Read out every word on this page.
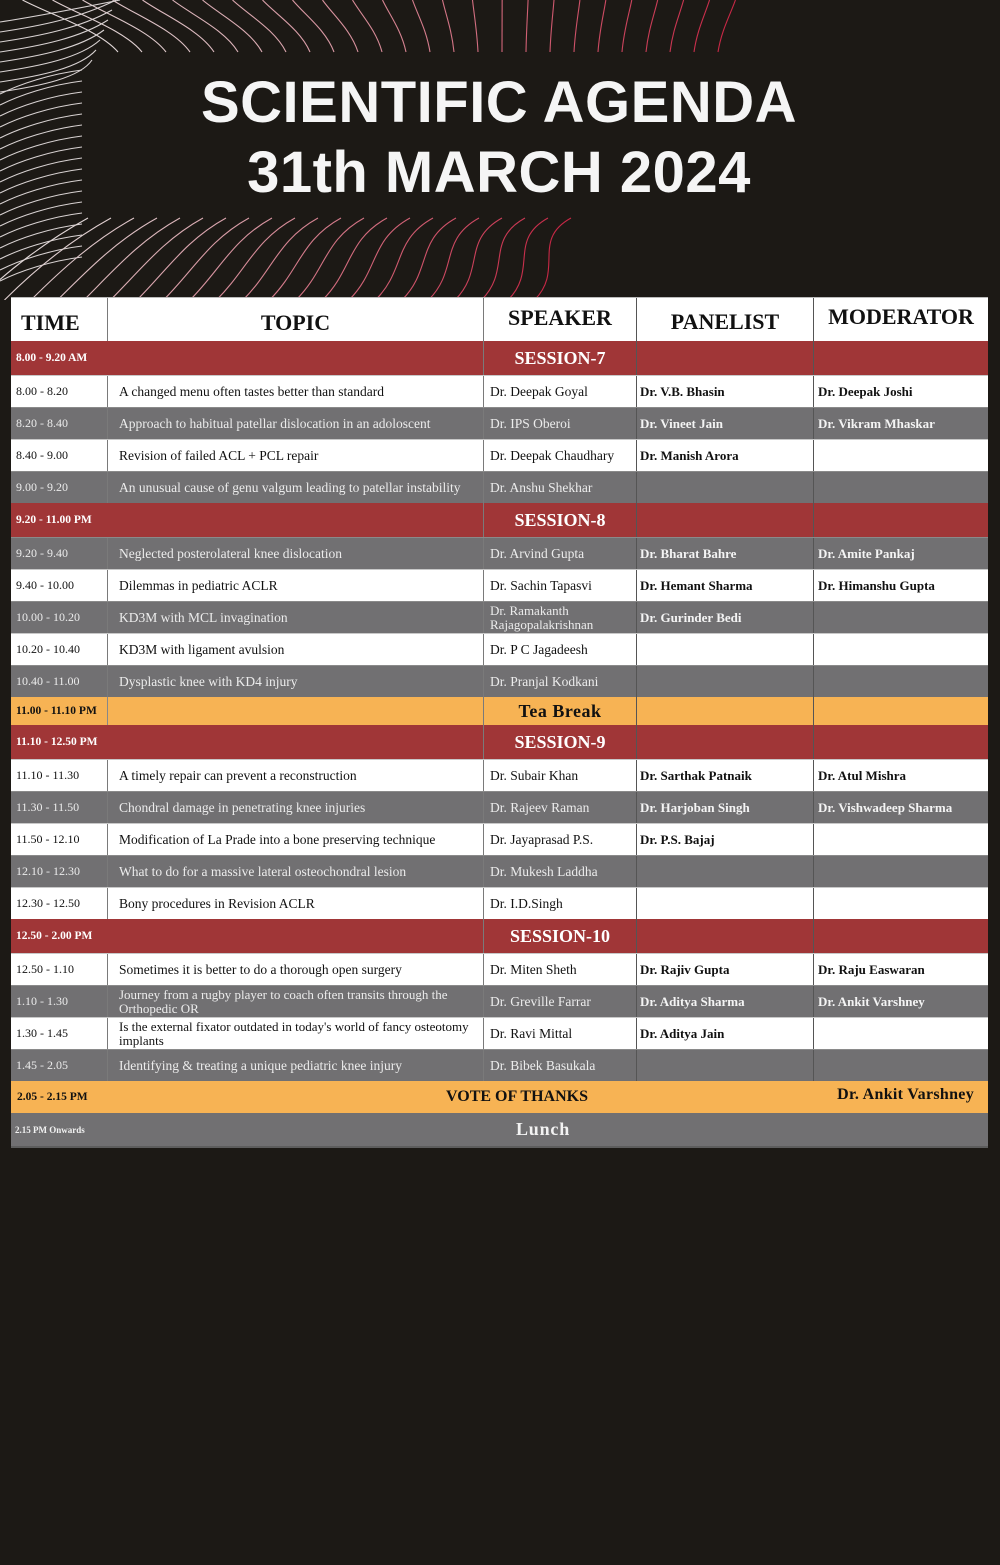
SCIENTIFIC AGENDA
31th MARCH 2024
TIME	TOPIC	SPEAKER	PANELIST	MODERATOR
8.00 - 9.20 AM	SESSION-7
8.00 - 8.20	A changed menu often tastes better than standard	Dr. Deepak Goyal	Dr. V.B. Bhasin	Dr. Deepak Joshi
8.20 - 8.40	Approach to habitual patellar dislocation in an adoloscent	Dr. IPS Oberoi	Dr. Vineet Jain	Dr. Vikram Mhaskar
8.40 - 9.00	Revision of failed ACL + PCL repair	Dr. Deepak Chaudhary	Dr. Manish Arora
9.00 - 9.20	An unusual cause of genu valgum leading to patellar instability	Dr. Anshu Shekhar
9.20 - 11.00 PM	SESSION-8
9.20 - 9.40	Neglected posterolateral knee dislocation	Dr. Arvind Gupta	Dr. Bharat Bahre	Dr. Amite Pankaj
9.40 - 10.00	Dilemmas in pediatric ACLR	Dr. Sachin Tapasvi	Dr. Hemant Sharma	Dr. Himanshu Gupta
10.00 - 10.20	KD3M with MCL invagination	Dr. Ramakanth Rajagopalakrishnan	Dr. Gurinder Bedi
10.20 - 10.40	KD3M with ligament avulsion	Dr. P C Jagadeesh
10.40 - 11.00	Dysplastic knee with KD4 injury	Dr. Pranjal Kodkani
11.00 - 11.10 PM	Tea Break
11.10 - 12.50 PM	SESSION-9
11.10 - 11.30	A timely repair can prevent a reconstruction	Dr. Subair Khan	Dr. Sarthak Patnaik	Dr. Atul Mishra
11.30 - 11.50	Chondral damage in penetrating knee injuries	Dr. Rajeev Raman	Dr. Harjoban Singh	Dr. Vishwadeep Sharma
11.50 - 12.10	Modification of La Prade into a bone preserving technique	Dr. Jayaprasad P.S.	Dr. P.S. Bajaj
12.10 - 12.30	What to do for a massive lateral osteochondral lesion	Dr. Mukesh Laddha
12.30 - 12.50	Bony procedures in Revision ACLR	Dr. I.D.Singh
12.50 - 2.00 PM	SESSION-10
12.50 - 1.10	Sometimes it is better to do a thorough open surgery	Dr. Miten Sheth	Dr. Rajiv Gupta	Dr. Raju Easwaran
1.10 - 1.30	Journey from a rugby player to coach often transits through the Orthopedic OR	Dr. Greville Farrar	Dr. Aditya Sharma	Dr. Ankit Varshney
1.30 - 1.45	Is the external fixator outdated in today's world of fancy osteotomy implants	Dr. Ravi Mittal	Dr. Aditya Jain
1.45 - 2.05	Identifying & treating a unique pediatric knee injury	Dr. Bibek Basukala
2.05 - 2.15 PM	VOTE OF THANKS	Dr. Ankit Varshney
2.15 PM Onwards	Lunch
